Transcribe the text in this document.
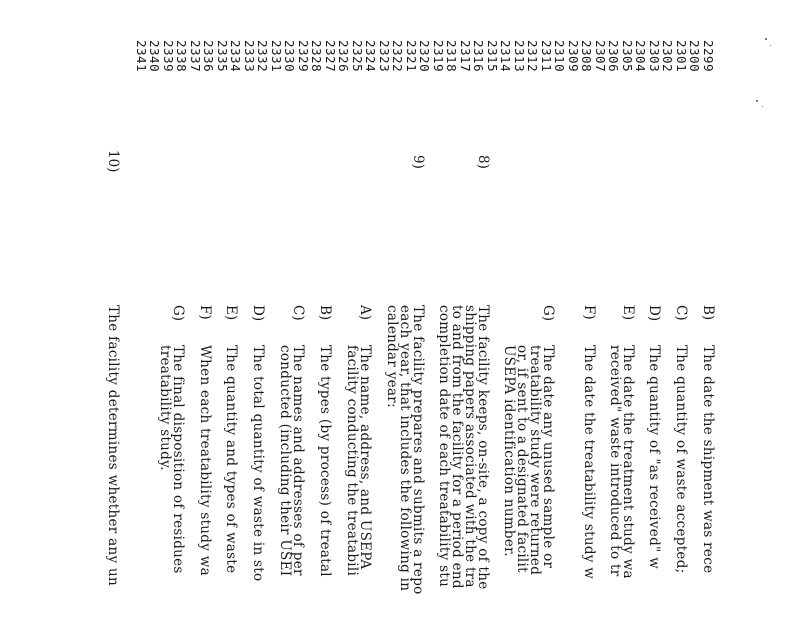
2299
2300
2301
2302
2303
2304
2305
2306
2307
2308
2309
2310
2311
2312
2313
2314
2315
2316
2317
2318
2319
2320
2321
2322
2323
2324
2325
2326
2327
2328
2329
2330
2331
2332
2333
2334
2335
2336
2337
2338
2339
2340
2341
8)
The facility keeps, on-site, a copy of the
shipping papers associated with the tra
to and from the facility for a period end
completion date of each treatability stu
9)
The facility prepares and submits a repo
each year, that includes the following in
calendar year:
10)
The facility determines whether any un	B)
The date the shipment was rece
C)
The quantity of waste accepted;
D)
The quantity of "as received" w
E)
The date the treatment study wa
received" waste introduced to tr
F)
The date the treatability study w
G)
The date any unused sample or
treatability study were returned
or, if sent to a designated facilit
USEPA identification number.
A)
The name, address, and USEPA
facility conducting the treatabili
B)
The types (by process) of treatal
C)
The names and addresses of per
conducted (including their USEI
D)
The total quantity of waste in sto
E)
The quantity and types of waste
F)
When each treatability study wa
G)
The final disposition of residues
treatability study.
